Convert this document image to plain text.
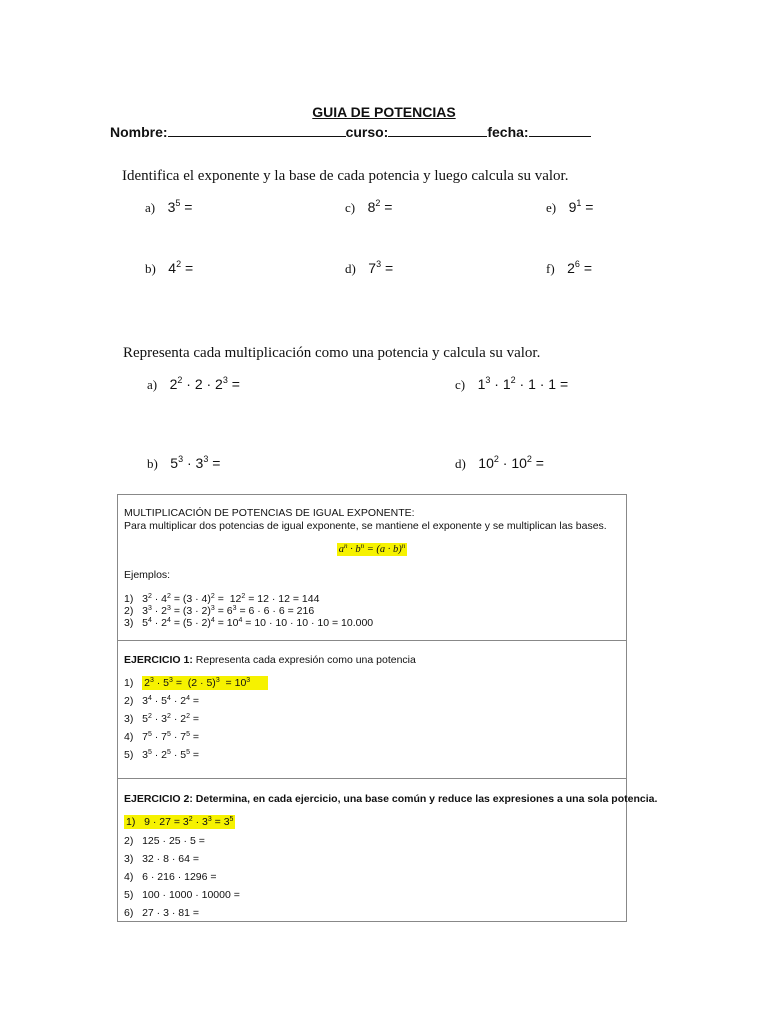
GUIA DE POTENCIAS
Nombre:	curso:	fecha:
Identifica el exponente y la base de cada potencia y luego calcula su valor.
a) $3^5$ =	c) $8^2$ =	e) $9^1$ =
b) $4^2$ =	d) $7^3$ =	f) $2^6$ =
Representa cada multiplicación como una potencia y calcula su valor.
a) $2^2 \cdot 2 \cdot 2^3$ =	c) $1^3 \cdot 1^2 \cdot 1 \cdot 1$ =
b) $5^3 \cdot 3^3$ =	d) $10^2 \cdot 10^2$ =
MULTIPLICACIÓN DE POTENCIAS DE IGUAL EXPONENTE:
Para multiplicar dos potencias de igual exponente, se mantiene el exponente y se multiplican las bases.
$a^n \cdot b^n = (a \cdot b)^n$
Ejemplos:
1)   $3^2 \cdot 4^2 = (3 \cdot 4)^2 = 12^2 = 12 \cdot 12 = 144$
2)   $3^3 \cdot 2^3 = (3 \cdot 2)^3 = 6^3 = 6 \cdot 6 \cdot 6 = 216$
3)   $5^4 \cdot 2^4 = (5 \cdot 2)^4 = 10^4 = 10 \cdot 10 \cdot 10 \cdot 10 = 10.000$
EJERCICIO 1: Representa cada expresión como una potencia
1)   $2^3 \cdot 5^3 = (2 \cdot 5)^3 = 10^3$
2)   $3^4 \cdot 5^4 \cdot 2^4$ =
3)   $5^2 \cdot 3^2 \cdot 2^2$ =
4)   $7^5 \cdot 7^5 \cdot 7^5$ =
5)   $3^5 \cdot 2^5 \cdot 5^5$ =
EJERCICIO 2: Determina, en cada ejercicio, una base común y reduce las expresiones a una sola potencia.
1)   $9 \cdot 27 = 3^2 \cdot 3^3 = 3^5$
2)   125 · 25 · 5 =
3)   32 · 8 · 64 =
4)   6 · 216 · 1296 =
5)   100 · 1000 · 10000 =
6)   27 · 3 · 81 =
